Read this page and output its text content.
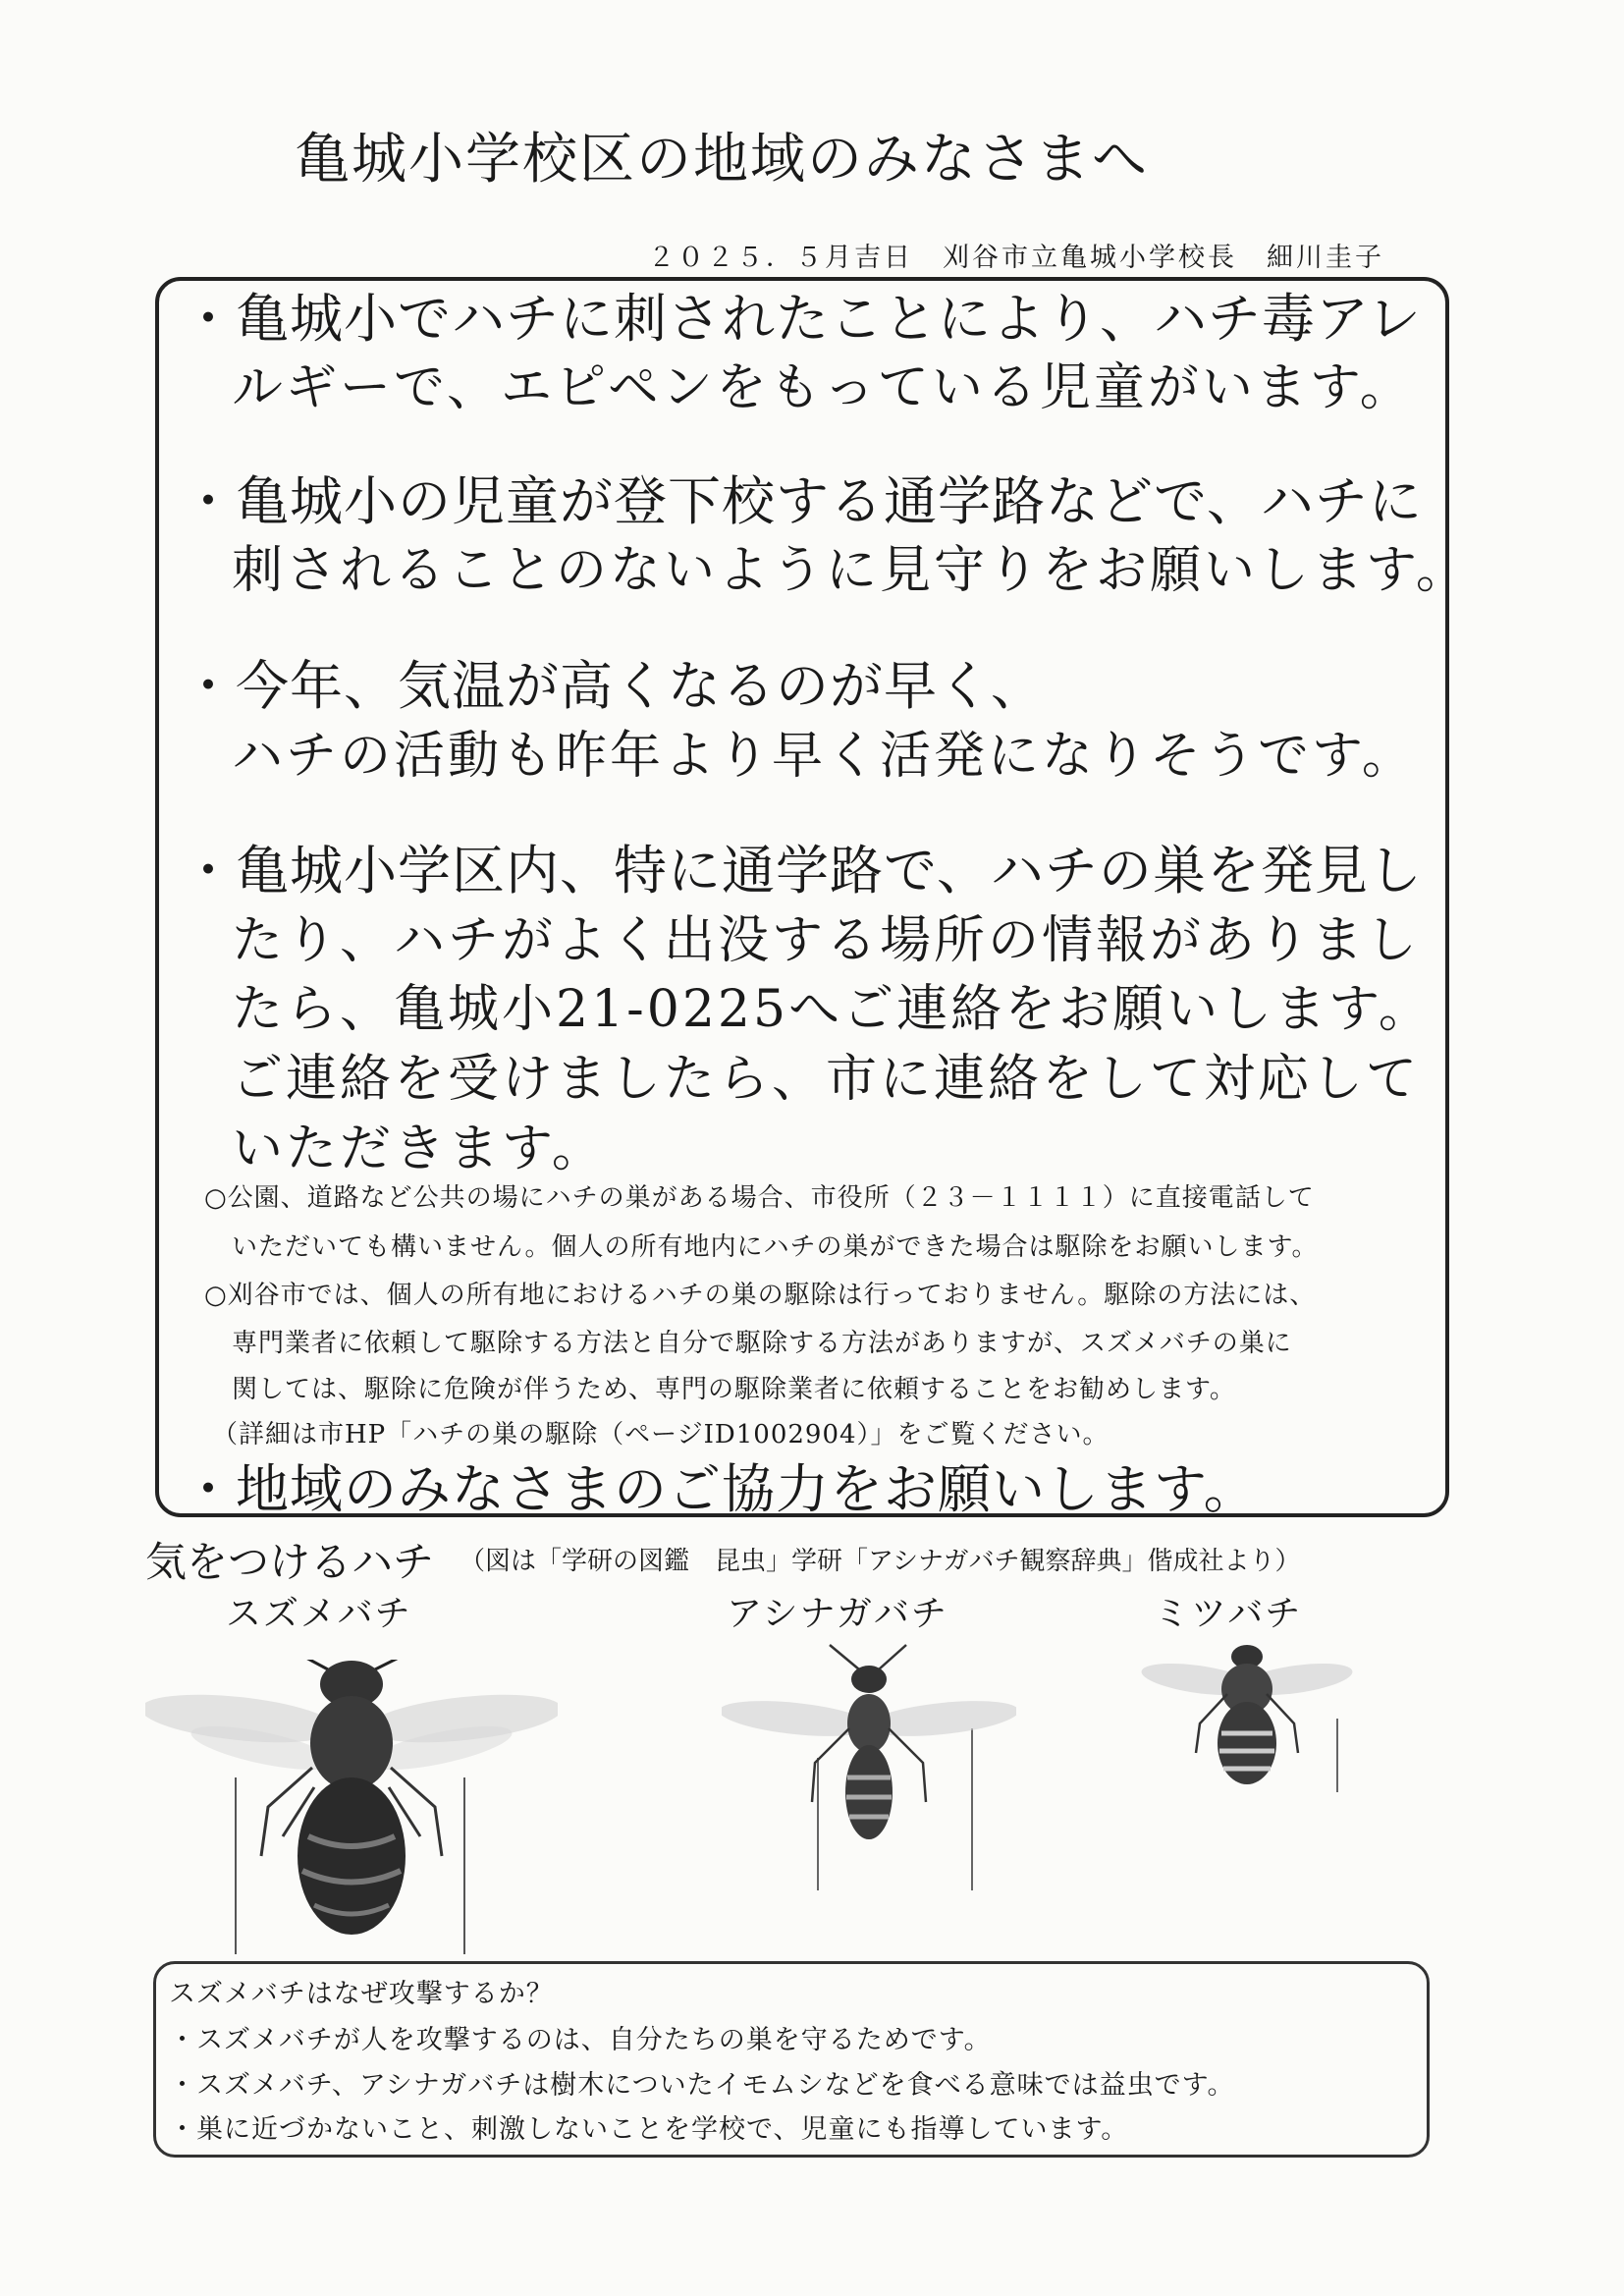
亀城小学校区の地域のみなさまへ
２０２５．５月吉日　刈谷市立亀城小学校長　細川圭子
・亀城小でハチに刺されたことにより、ハチ毒アレ
ルギーで、エピペンをもっている児童がいます。
・亀城小の児童が登下校する通学路などで、ハチに
刺されることのないように見守りをお願いします。
・今年、気温が高くなるのが早く、
ハチの活動も昨年より早く活発になりそうです。
・亀城小学区内、特に通学路で、ハチの巣を発見し
たり、ハチがよく出没する場所の情報がありまし
たら、亀城小21-0225へご連絡をお願いします。
ご連絡を受けましたら、市に連絡をして対応して
いただきます。
○公園、道路など公共の場にハチの巣がある場合、市役所（２３－１１１１）に直接電話して
いただいても構いません。個人の所有地内にハチの巣ができた場合は駆除をお願いします。
○刈谷市では、個人の所有地におけるハチの巣の駆除は行っておりません。駆除の方法には、
専門業者に依頼して駆除する方法と自分で駆除する方法がありますが、スズメバチの巣に
関しては、駆除に危険が伴うため、専門の駆除業者に依頼することをお勧めします。
（詳細は市HP「ハチの巣の駆除（ページID1002904）」をご覧ください。
・地域のみなさまのご協力をお願いします。
気をつけるハチ （図は「学研の図鑑　昆虫」学研「アシナガバチ観察辞典」偕成社より）
スズメバチ	アシナガバチ	ミツバチ
スズメバチはなぜ攻撃するか？
・スズメバチが人を攻撃するのは、自分たちの巣を守るためです。
・スズメバチ、アシナガバチは樹木についたイモムシなどを食べる意味では益虫です。
・巣に近づかないこと、刺激しないことを学校で、児童にも指導しています。
